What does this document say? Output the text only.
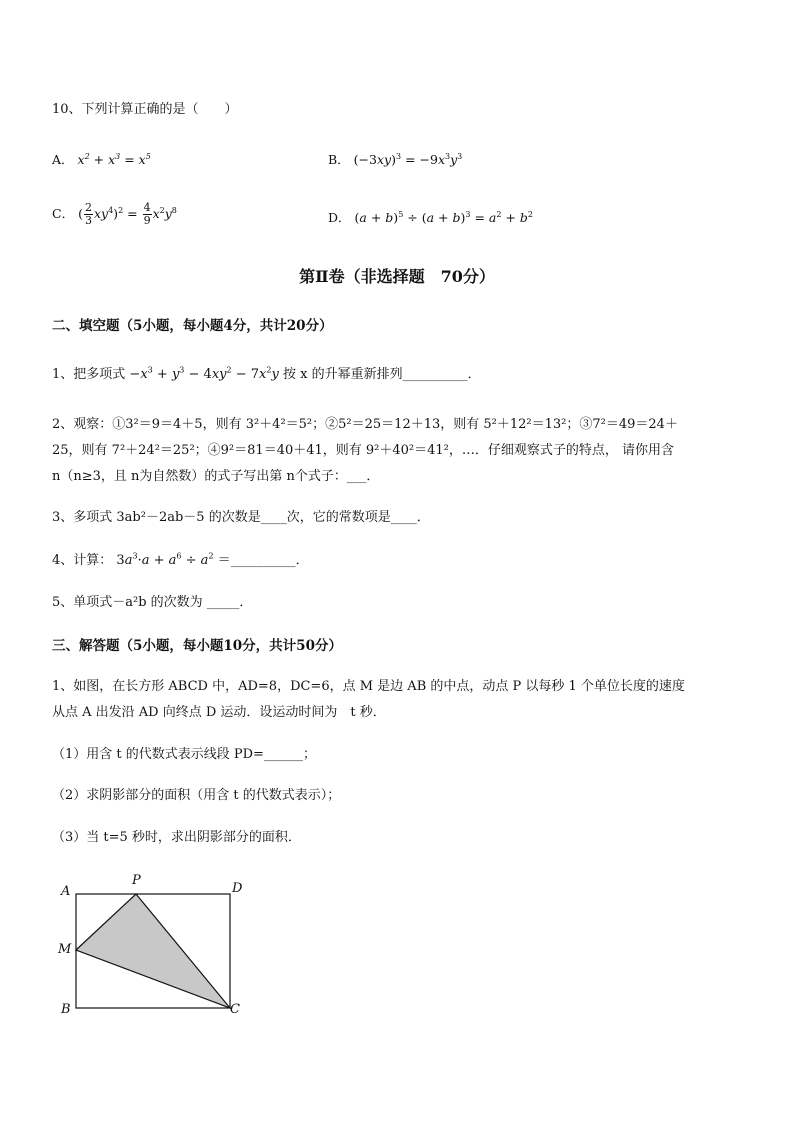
10、下列计算正确的是（　　）
A． $x^2 + x^3 = x^5$	B． $(-3xy)^3 = -9x^3y^3$
C． ( $\frac{2}{3} xy^4)^2 = \frac{4}{9} x^2y^8$	D． $(a + b)^5 \div (a + b)^3 = a^2 + b^2$
第Ⅱ卷（非选择题　70分）
二、填空题（5小题，每小题4分，共计20分）
1、把多项式 $-x^3 + y^3 - 4xy^2 - 7x^2y$ 按 x 的升幂重新排列__________．
2、观察：①3²＝9＝4＋5，则有 3²＋4²＝5²；②5²＝25＝12＋13，则有 5²＋12²＝13²；③7²＝49＝24＋
25，则有 7²＋24²＝25²；④9²＝81＝40＋41，则有 9²＋40²＝41²，…．仔细观察式子的特点， 请你用含
n（n≥3，且 n为自然数）的式子写出第 n个式子：___．
3、多项式 3ab²－2ab－5 的次数是____次，它的常数项是____．
4、计算： $3a^3\cdot a + a^6 \div a^2$ ＝__________．
5、单项式－a²b 的次数为 _____．
三、解答题（5小题，每小题10分，共计50分）
1、如图，在长方形 ABCD 中，AD=8，DC=6，点 M 是边 AB 的中点，动点 P 以每秒 1 个单位长度的速度
从点 A 出发沿 AD 向终点 D 运动．设运动时间为　t 秒．
（1）用含 t 的代数式表示线段 PD=______；
（2）求阴影部分的面积（用含 t 的代数式表示）；
（3）当 t=5 秒时，求出阴影部分的面积．
A
P
D
M
B	C
